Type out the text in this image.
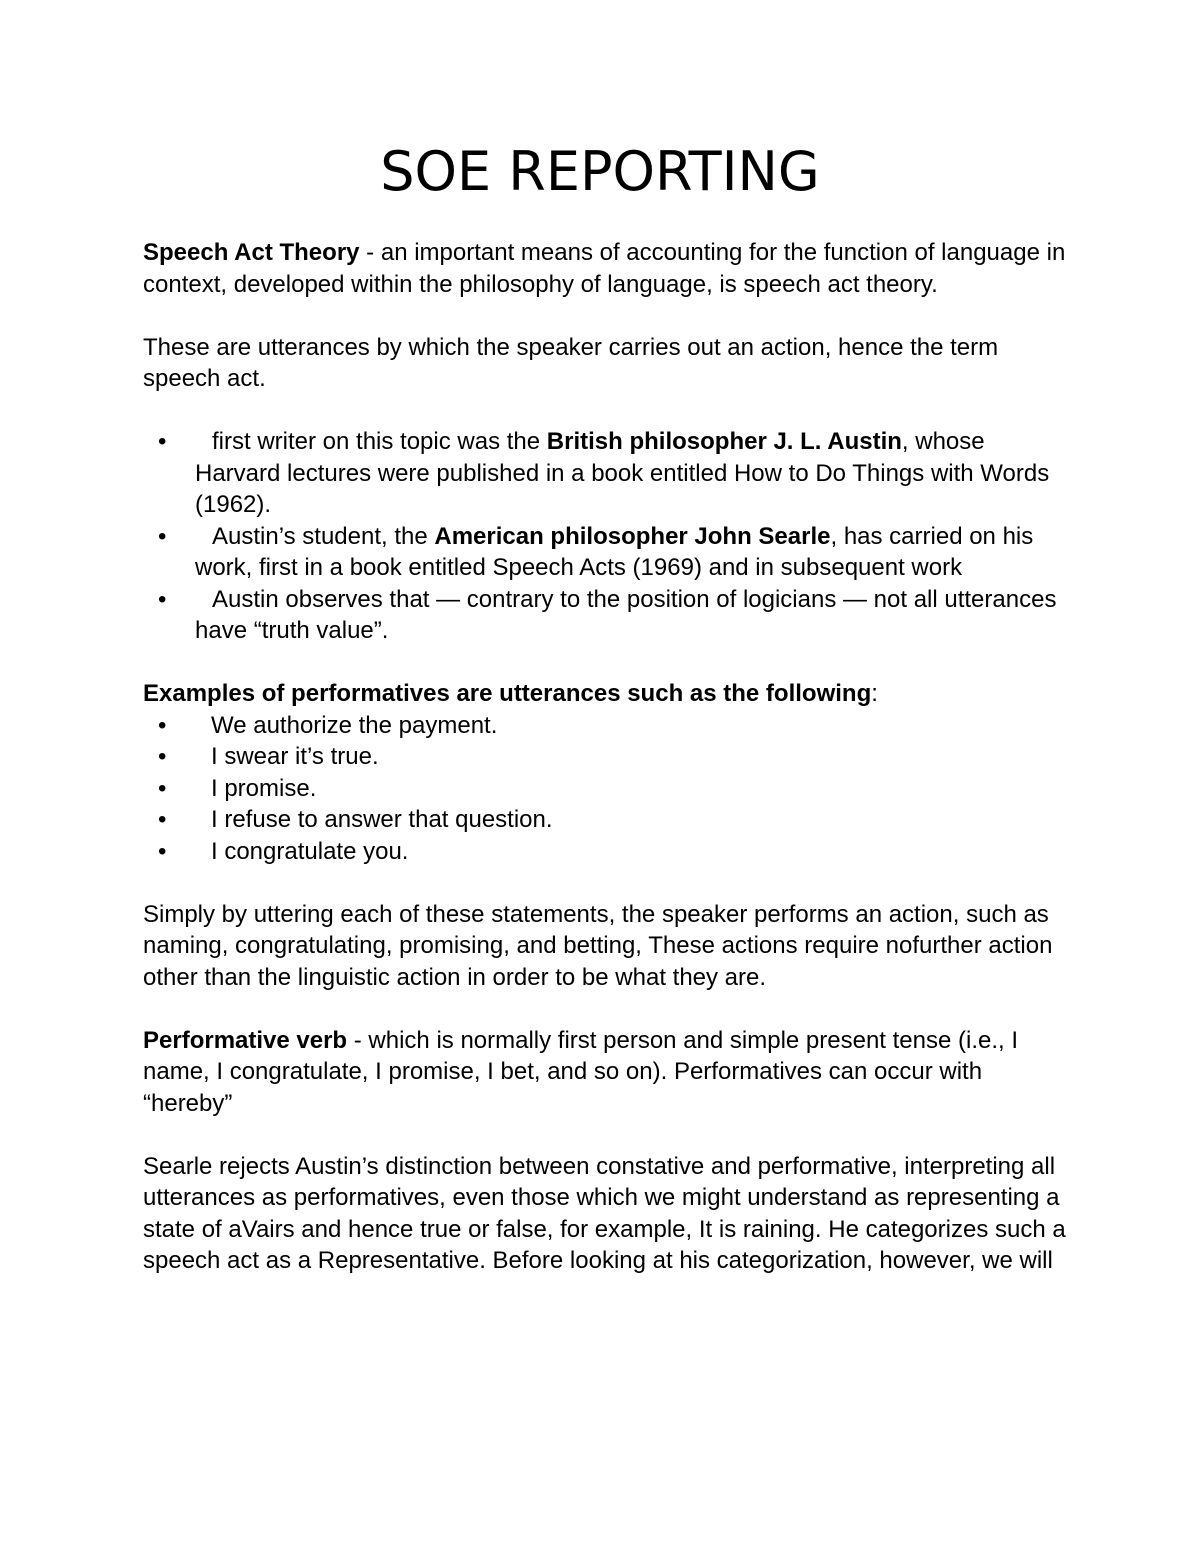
SOE REPORTING

Speech Act Theory - an important means of accounting for the function of language in context, developed within the philosophy of language, is speech act theory.

These are utterances by which the speaker carries out an action, hence the term speech act.

• first writer on this topic was the British philosopher J. L. Austin, whose Harvard lectures were published in a book entitled How to Do Things with Words (1962).
• Austin’s student, the American philosopher John Searle, has carried on his work, first in a book entitled Speech Acts (1969) and in subsequent work
• Austin observes that — contrary to the position of logicians — not all utterances have “truth value”.

Examples of performatives are utterances such as the following:

• We authorize the payment.
• I swear it’s true.
• I promise.
• I refuse to answer that question.
• I congratulate you.

Simply by uttering each of these statements, the speaker performs an action, such as naming, congratulating, promising, and betting, These actions require nofurther action other than the linguistic action in order to be what they are.

Performative verb - which is normally first person and simple present tense (i.e., I name, I congratulate, I promise, I bet, and so on). Performatives can occur with “hereby”

Searle rejects Austin’s distinction between constative and performative, interpreting all utterances as performatives, even those which we might understand as representing a state of aVairs and hence true or false, for example, It is raining. He categorizes such a speech act as a Representative. Before looking at his categorization, however, we will
